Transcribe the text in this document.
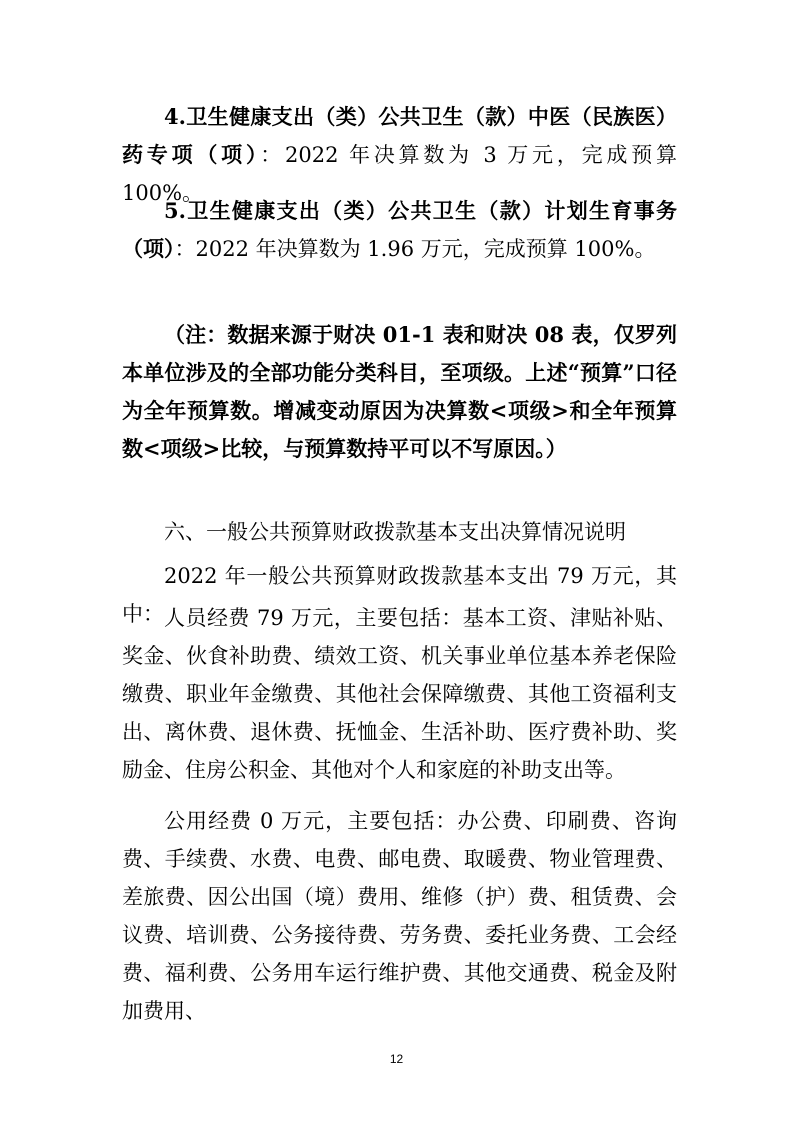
4.卫生健康支出（类）公共卫生（款）中医（民族医）药专项（项）：2022 年决算数为 3 万元，完成预算 100%。
5.卫生健康支出（类）公共卫生（款）计划生育事务（项）：2022 年决算数为 1.96 万元，完成预算 100%。
（注：数据来源于财决 01-1 表和财决 08 表，仅罗列本单位涉及的全部功能分类科目，至项级。上述“预算”口径为全年预算数。增减变动原因为决算数<项级>和全年预算数<项级>比较，与预算数持平可以不写原因。）
六、一般公共预算财政拨款基本支出决算情况说明
2022 年一般公共预算财政拨款基本支出 79 万元，其中： 人员经费 79 万元，主要包括：基本工资、津贴补贴、奖金、伙食补助费、绩效工资、机关事业单位基本养老保险缴费、职业年金缴费、其他社会保障缴费、其他工资福利支出、离休费、退休费、抚恤金、生活补助、医疗费补助、奖励金、住房公积金、其他对个人和家庭的补助支出等。
公用经费 0 万元，主要包括：办公费、印刷费、咨询费、手续费、水费、电费、邮电费、取暖费、物业管理费、差旅费、因公出国（境）费用、维修（护）费、租赁费、会议费、培训费、公务接待费、劳务费、委托业务费、工会经费、福利费、公务用车运行维护费、其他交通费、税金及附加费用、
12
